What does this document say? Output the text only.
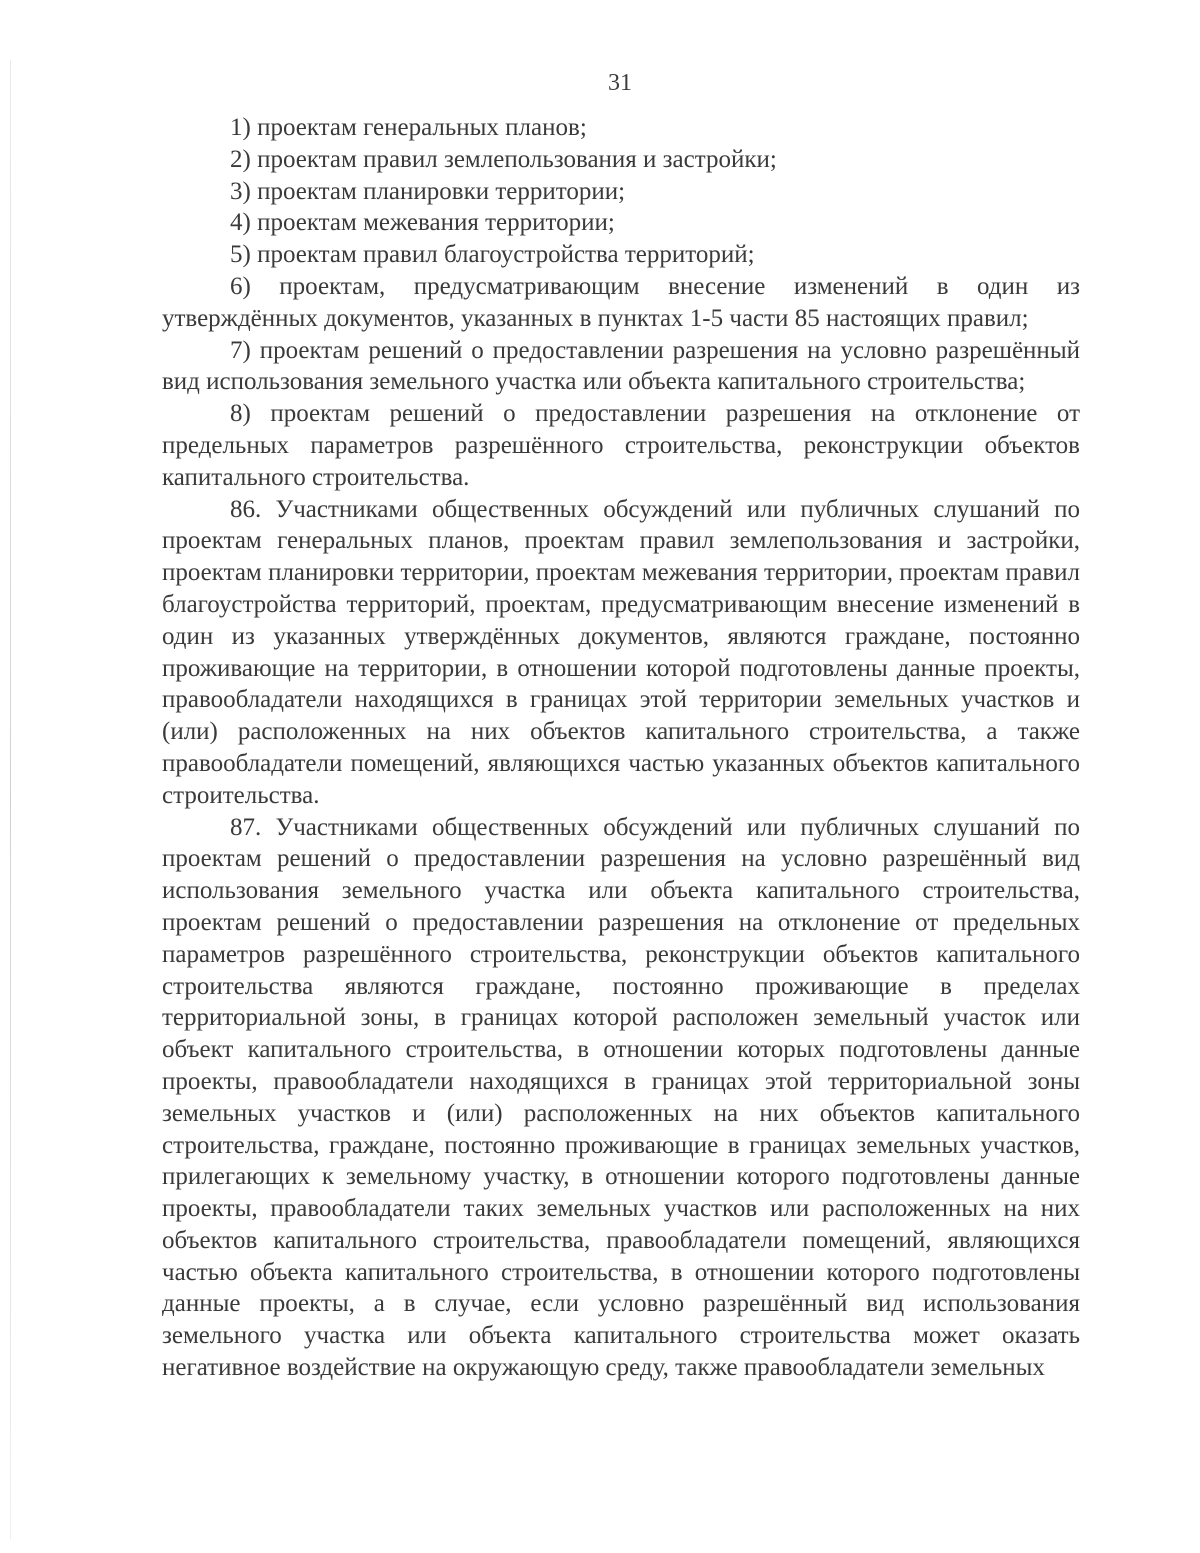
31

1) проектам генеральных планов;

2) проектам правил землепользования и застройки;

3) проектам планировки территории;

4) проектам межевания территории;

5) проектам правил благоустройства территорий;

6) проектам, предусматривающим внесение изменений в один из утверждённых документов, указанных в пунктах 1-5 части 85 настоящих правил;

7) проектам решений о предоставлении разрешения на условно разрешённый вид использования земельного участка или объекта капитального строительства;

8) проектам решений о предоставлении разрешения на отклонение от предельных параметров разрешённого строительства, реконструкции объектов капитального строительства.

86. Участниками общественных обсуждений или публичных слушаний по проектам генеральных планов, проектам правил землепользования и застройки, проектам планировки территории, проектам межевания территории, проектам правил благоустройства территорий, проектам, предусматривающим внесение изменений в один из указанных утверждённых документов, являются граждане, постоянно проживающие на территории, в отношении которой подготовлены данные проекты, правообладатели находящихся в границах этой территории земельных участков и (или) расположенных на них объектов капитального строительства, а также правообладатели помещений, являющихся частью указанных объектов капитального строительства.

87. Участниками общественных обсуждений или публичных слушаний по проектам решений о предоставлении разрешения на условно разрешённый вид использования земельного участка или объекта капитального строительства, проектам решений о предоставлении разрешения на отклонение от предельных параметров разрешённого строительства, реконструкции объектов капитального строительства являются граждане, постоянно проживающие в пределах территориальной зоны, в границах которой расположен земельный участок или объект капитального строительства, в отношении которых подготовлены данные проекты, правообладатели находящихся в границах этой территориальной зоны земельных участков и (или) расположенных на них объектов капитального строительства, граждане, постоянно проживающие в границах земельных участков, прилегающих к земельному участку, в отношении которого подготовлены данные проекты, правообладатели таких земельных участков или расположенных на них объектов капитального строительства, правообладатели помещений, являющихся частью объекта капитального строительства, в отношении которого подготовлены данные проекты, а в случае, если условно разрешённый вид использования земельного участка или объекта капитального строительства может оказать негативное воздействие на окружающую среду, также правообладатели земельных
